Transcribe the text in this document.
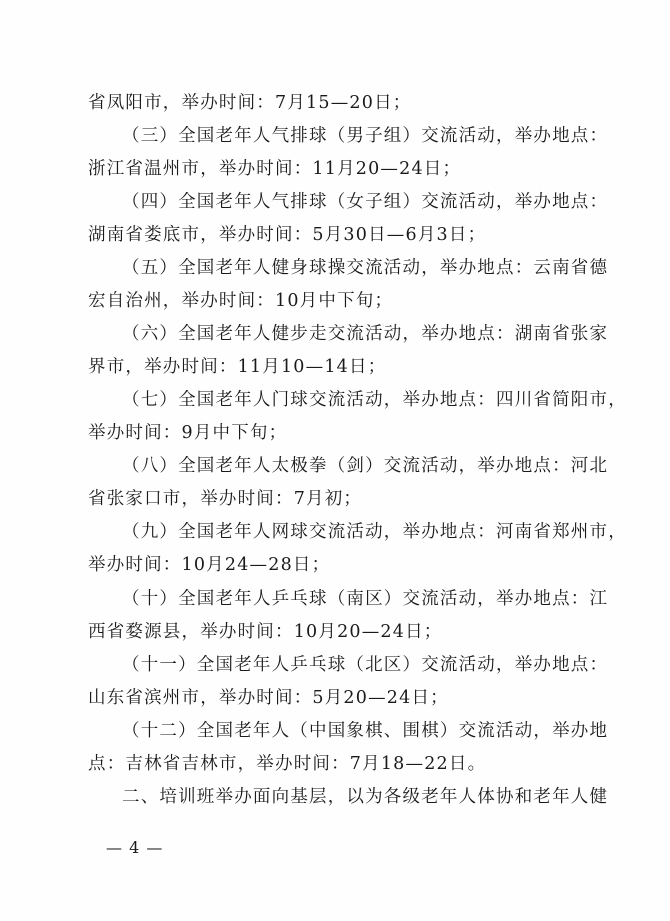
省凤阳市，举办时间：7月15—20日；
（三）全国老年人气排球（男子组）交流活动，举办地点：
浙江省温州市，举办时间：11月20—24日；
（四）全国老年人气排球（女子组）交流活动，举办地点：
湖南省娄底市，举办时间：5月30日—6月3日；
（五）全国老年人健身球操交流活动，举办地点：云南省德
宏自治州，举办时间：10月中下旬；
（六）全国老年人健步走交流活动，举办地点：湖南省张家
界市，举办时间：11月10—14日；
（七）全国老年人门球交流活动，举办地点：四川省简阳市，
举办时间：9月中下旬；
（八）全国老年人太极拳（剑）交流活动，举办地点：河北
省张家口市，举办时间：7月初；
（九）全国老年人网球交流活动，举办地点：河南省郑州市，
举办时间：10月24—28日；
（十）全国老年人乒乓球（南区）交流活动，举办地点：江
西省婺源县，举办时间：10月20—24日；
（十一）全国老年人乒乓球（北区）交流活动，举办地点：
山东省滨州市，举办时间：5月20—24日；
（十二）全国老年人（中国象棋、围棋）交流活动，举办地
点：吉林省吉林市，举办时间：7月18—22日。
二、培训班举办面向基层，以为各级老年人体协和老年人健
— 4 —
